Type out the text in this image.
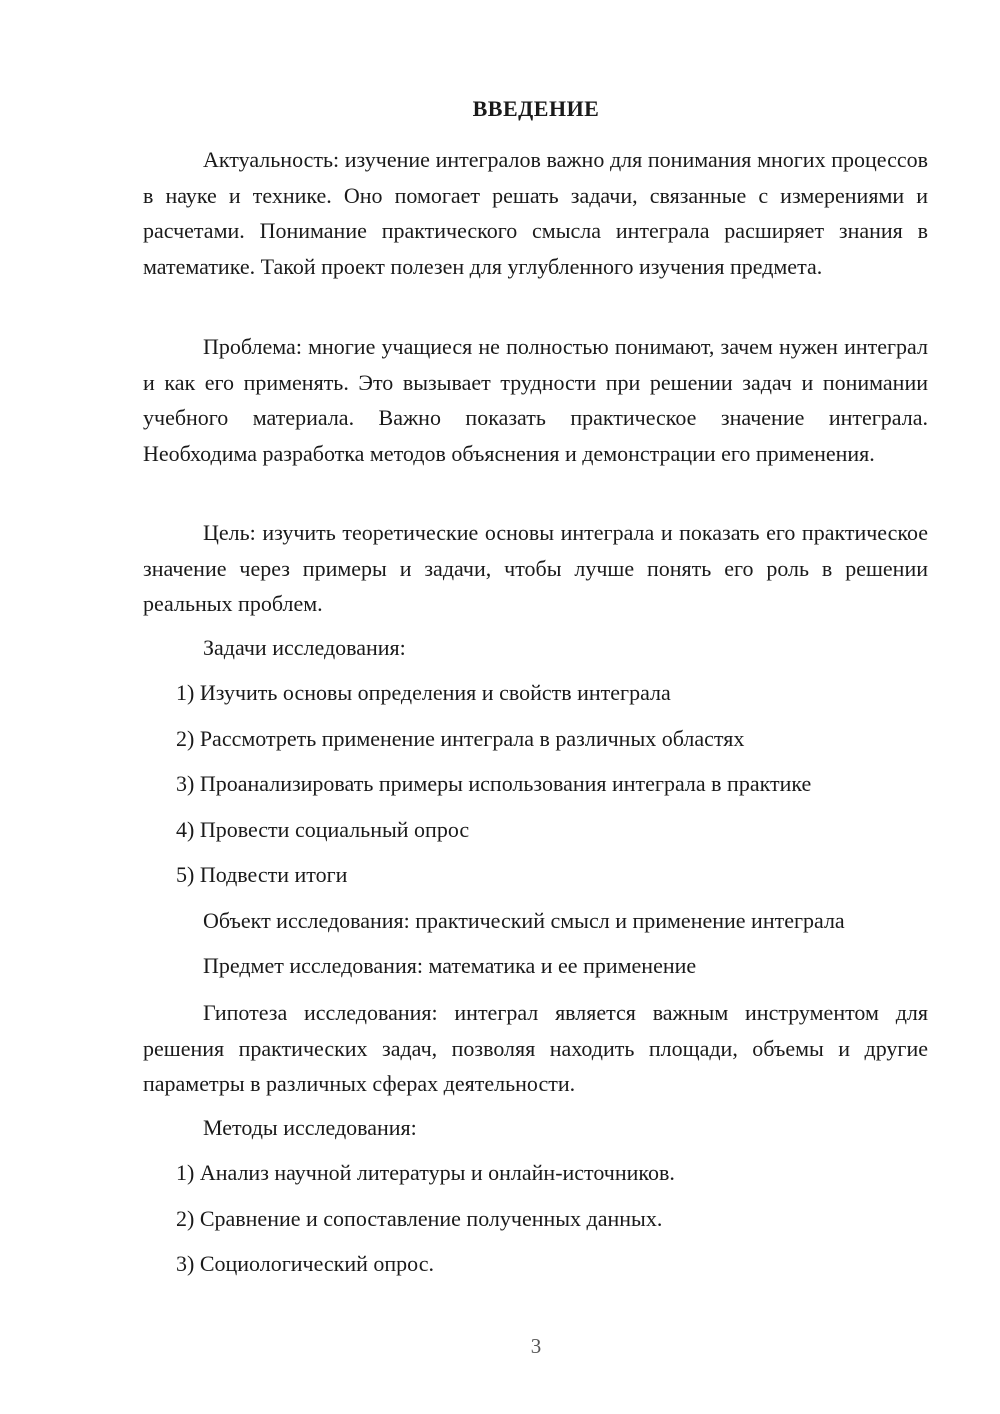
ВВЕДЕНИЕ
Актуальность: изучение интегралов важно для понимания многих процессов в науке и технике. Оно помогает решать задачи, связанные с измерениями и расчетами. Понимание практического смысла интеграла расширяет знания в математике. Такой проект полезен для углубленного изучения предмета.
Проблема: многие учащиеся не полностью понимают, зачем нужен интеграл и как его применять. Это вызывает трудности при решении задач и понимании учебного материала. Важно показать практическое значение интеграла. Необходима разработка методов объяснения и демонстрации его применения.
Цель: изучить теоретические основы интеграла и показать его практическое значение через примеры и задачи, чтобы лучше понять его роль в решении реальных проблем.
Задачи исследования:
1) Изучить основы определения и свойств интеграла
2) Рассмотреть применение интеграла в различных областях
3) Проанализировать примеры использования интеграла в практике
4) Провести социальный опрос
5) Подвести итоги
Объект исследования: практический смысл и применение интеграла
Предмет исследования: математика и ее применение
Гипотеза исследования: интеграл является важным инструментом для решения практических задач, позволяя находить площади, объемы и другие параметры в различных сферах деятельности.
Методы исследования:
1) Анализ научной литературы и онлайн-источников.
2) Сравнение и сопоставление полученных данных.
3) Социологический опрос.
3
